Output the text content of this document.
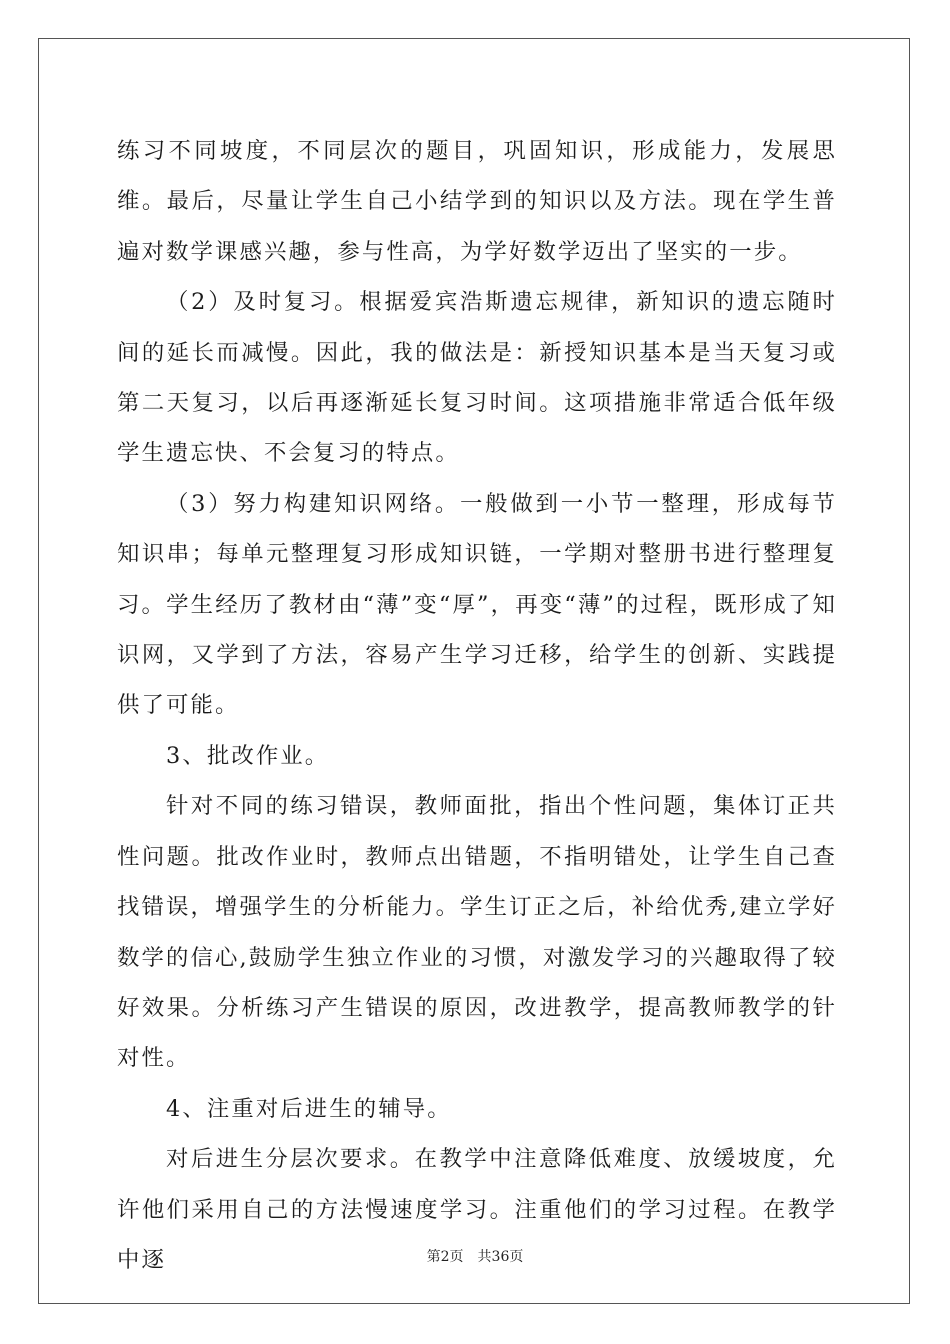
练习不同坡度，不同层次的题目，巩固知识，形成能力，发展思维。最后，尽量让学生自己小结学到的知识以及方法。现在学生普遍对数学课感兴趣，参与性高，为学好数学迈出了坚实的一步。

（2）及时复习。根据爱宾浩斯遗忘规律，新知识的遗忘随时间的延长而减慢。因此，我的做法是：新授知识基本是当天复习或第二天复习，以后再逐渐延长复习时间。这项措施非常适合低年级学生遗忘快、不会复习的特点。

（3）努力构建知识网络。一般做到一小节一整理，形成每节知识串；每单元整理复习形成知识链，一学期对整册书进行整理复习。学生经历了教材由“薄”变“厚”，再变“薄”的过程，既形成了知识网，又学到了方法，容易产生学习迁移，给学生的创新、实践提供了可能。

3、批改作业。

针对不同的练习错误，教师面批，指出个性问题，集体订正共性问题。批改作业时，教师点出错题，不指明错处，让学生自己查找错误，增强学生的分析能力。学生订正之后，补给优秀,建立学好数学的信心,鼓励学生独立作业的习惯，对激发学习的兴趣取得了较好效果。分析练习产生错误的原因，改进教学，提高教师教学的针对性。

4、注重对后进生的辅导。

对后进生分层次要求。在教学中注意降低难度、放缓坡度，允许他们采用自己的方法慢速度学习。注重他们的学习过程。在教学中逐	第2页　共36页
